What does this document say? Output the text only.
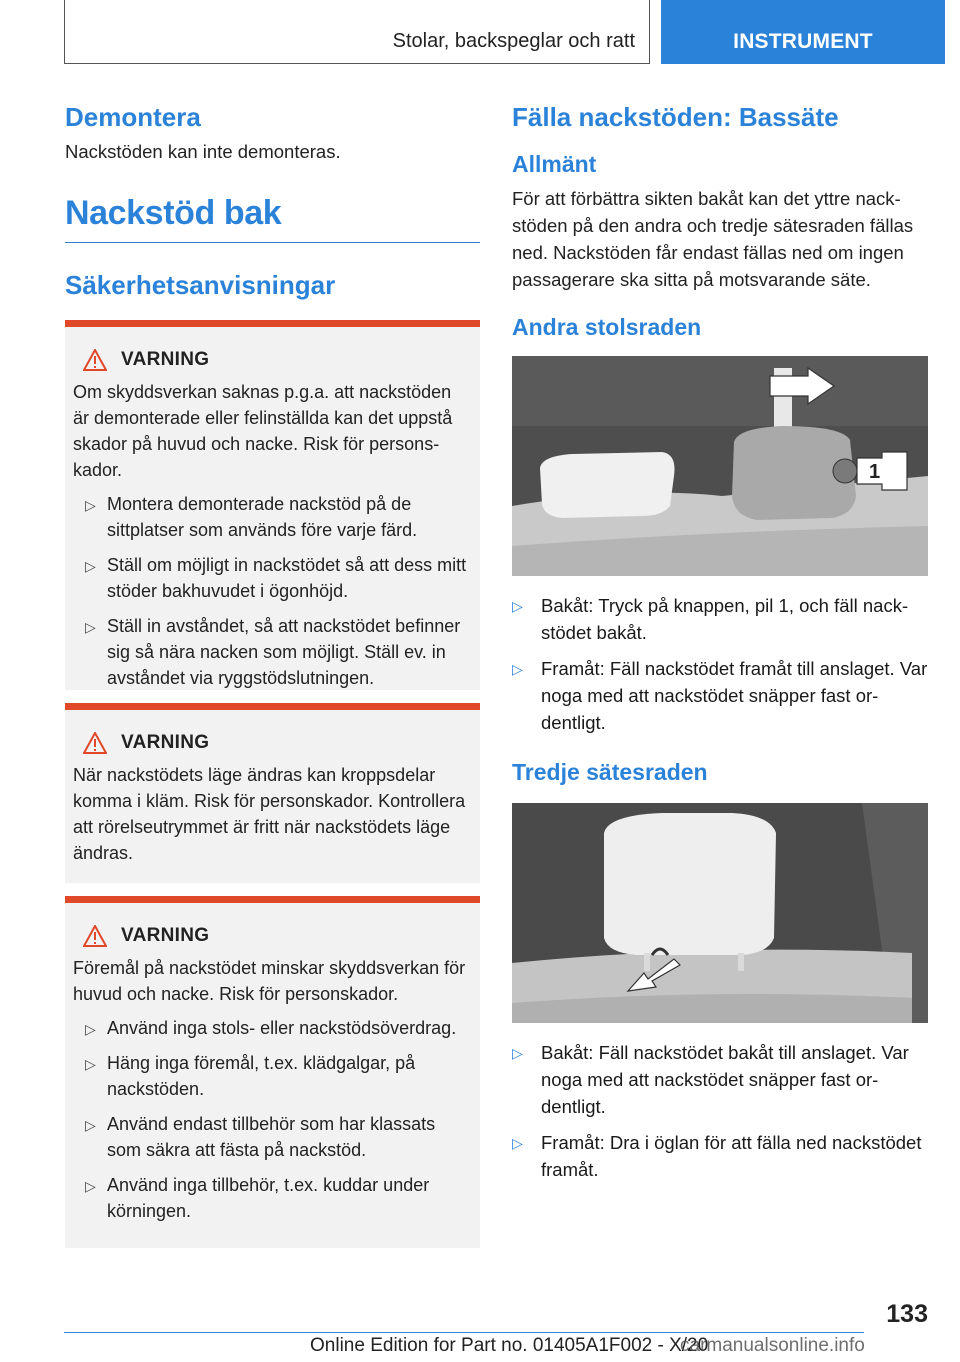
Stolar, backspeglar och ratt	INSTRUMENT
Demontera

Nackstöden kan inte demonteras.

Nackstöd bak
Säkerhetsanvisningar
VARNING

Om skyddsverkan saknas p.g.a. att nackstöden är demonterade eller felinställda kan det uppstå skador på huvud och nacke. Risk för personskador.

▷ Montera demonterade nackstöd på de sittplatser som används före varje färd.
▷ Ställ om möjligt in nackstödet så att dess mitt stöder bakhuvudet i ögonhöjd.
▷ Ställ in avståndet, så att nackstödet befinner sig så nära nacken som möjligt. Ställ ev. in avståndet via ryggstödslutningen.
VARNING

När nackstödets läge ändras kan kroppsdelar komma i kläm. Risk för personskador. Kontrollera att rörelseutrymmet är fritt när nackstödets läge ändras.

VARNING

Föremål på nackstödet minskar skyddsverkan för huvud och nacke. Risk för personskador.

▷ Använd inga stols- eller nackstödsöverdrag.
▷ Häng inga föremål, t.ex. klädgalgar, på nackstöden.
▷ Använd endast tillbehör som har klassats som säkra att fästa på nackstöd.
▷ Använd inga tillbehör, t.ex. kuddar under körningen.
Fälla nackstöden: Bassäte
Allmänt

För att förbättra sikten bakåt kan det yttre nackstöden på den andra och tredje sätesraden fällas ned. Nackstöden får endast fällas ned om ingen passagerare ska sitta på motsvarande säte.

Andra stolsraden
1
▷ Bakåt: Tryck på knappen, pil 1, och fäll nackstödet bakåt.
▷ Framåt: Fäll nackstödet framåt till anslaget. Var noga med att nackstödet snäpper fast ordentligt.
Tredje sätesraden
▷ Bakåt: Fäll nackstödet bakåt till anslaget. Var noga med att nackstödet snäpper fast ordentligt.
▷ Framåt: Dra i öglan för att fälla ned nackstödet framåt.
133
Online Edition for Part no. 01405A1F002 - X/20
carmanualsonline.info
